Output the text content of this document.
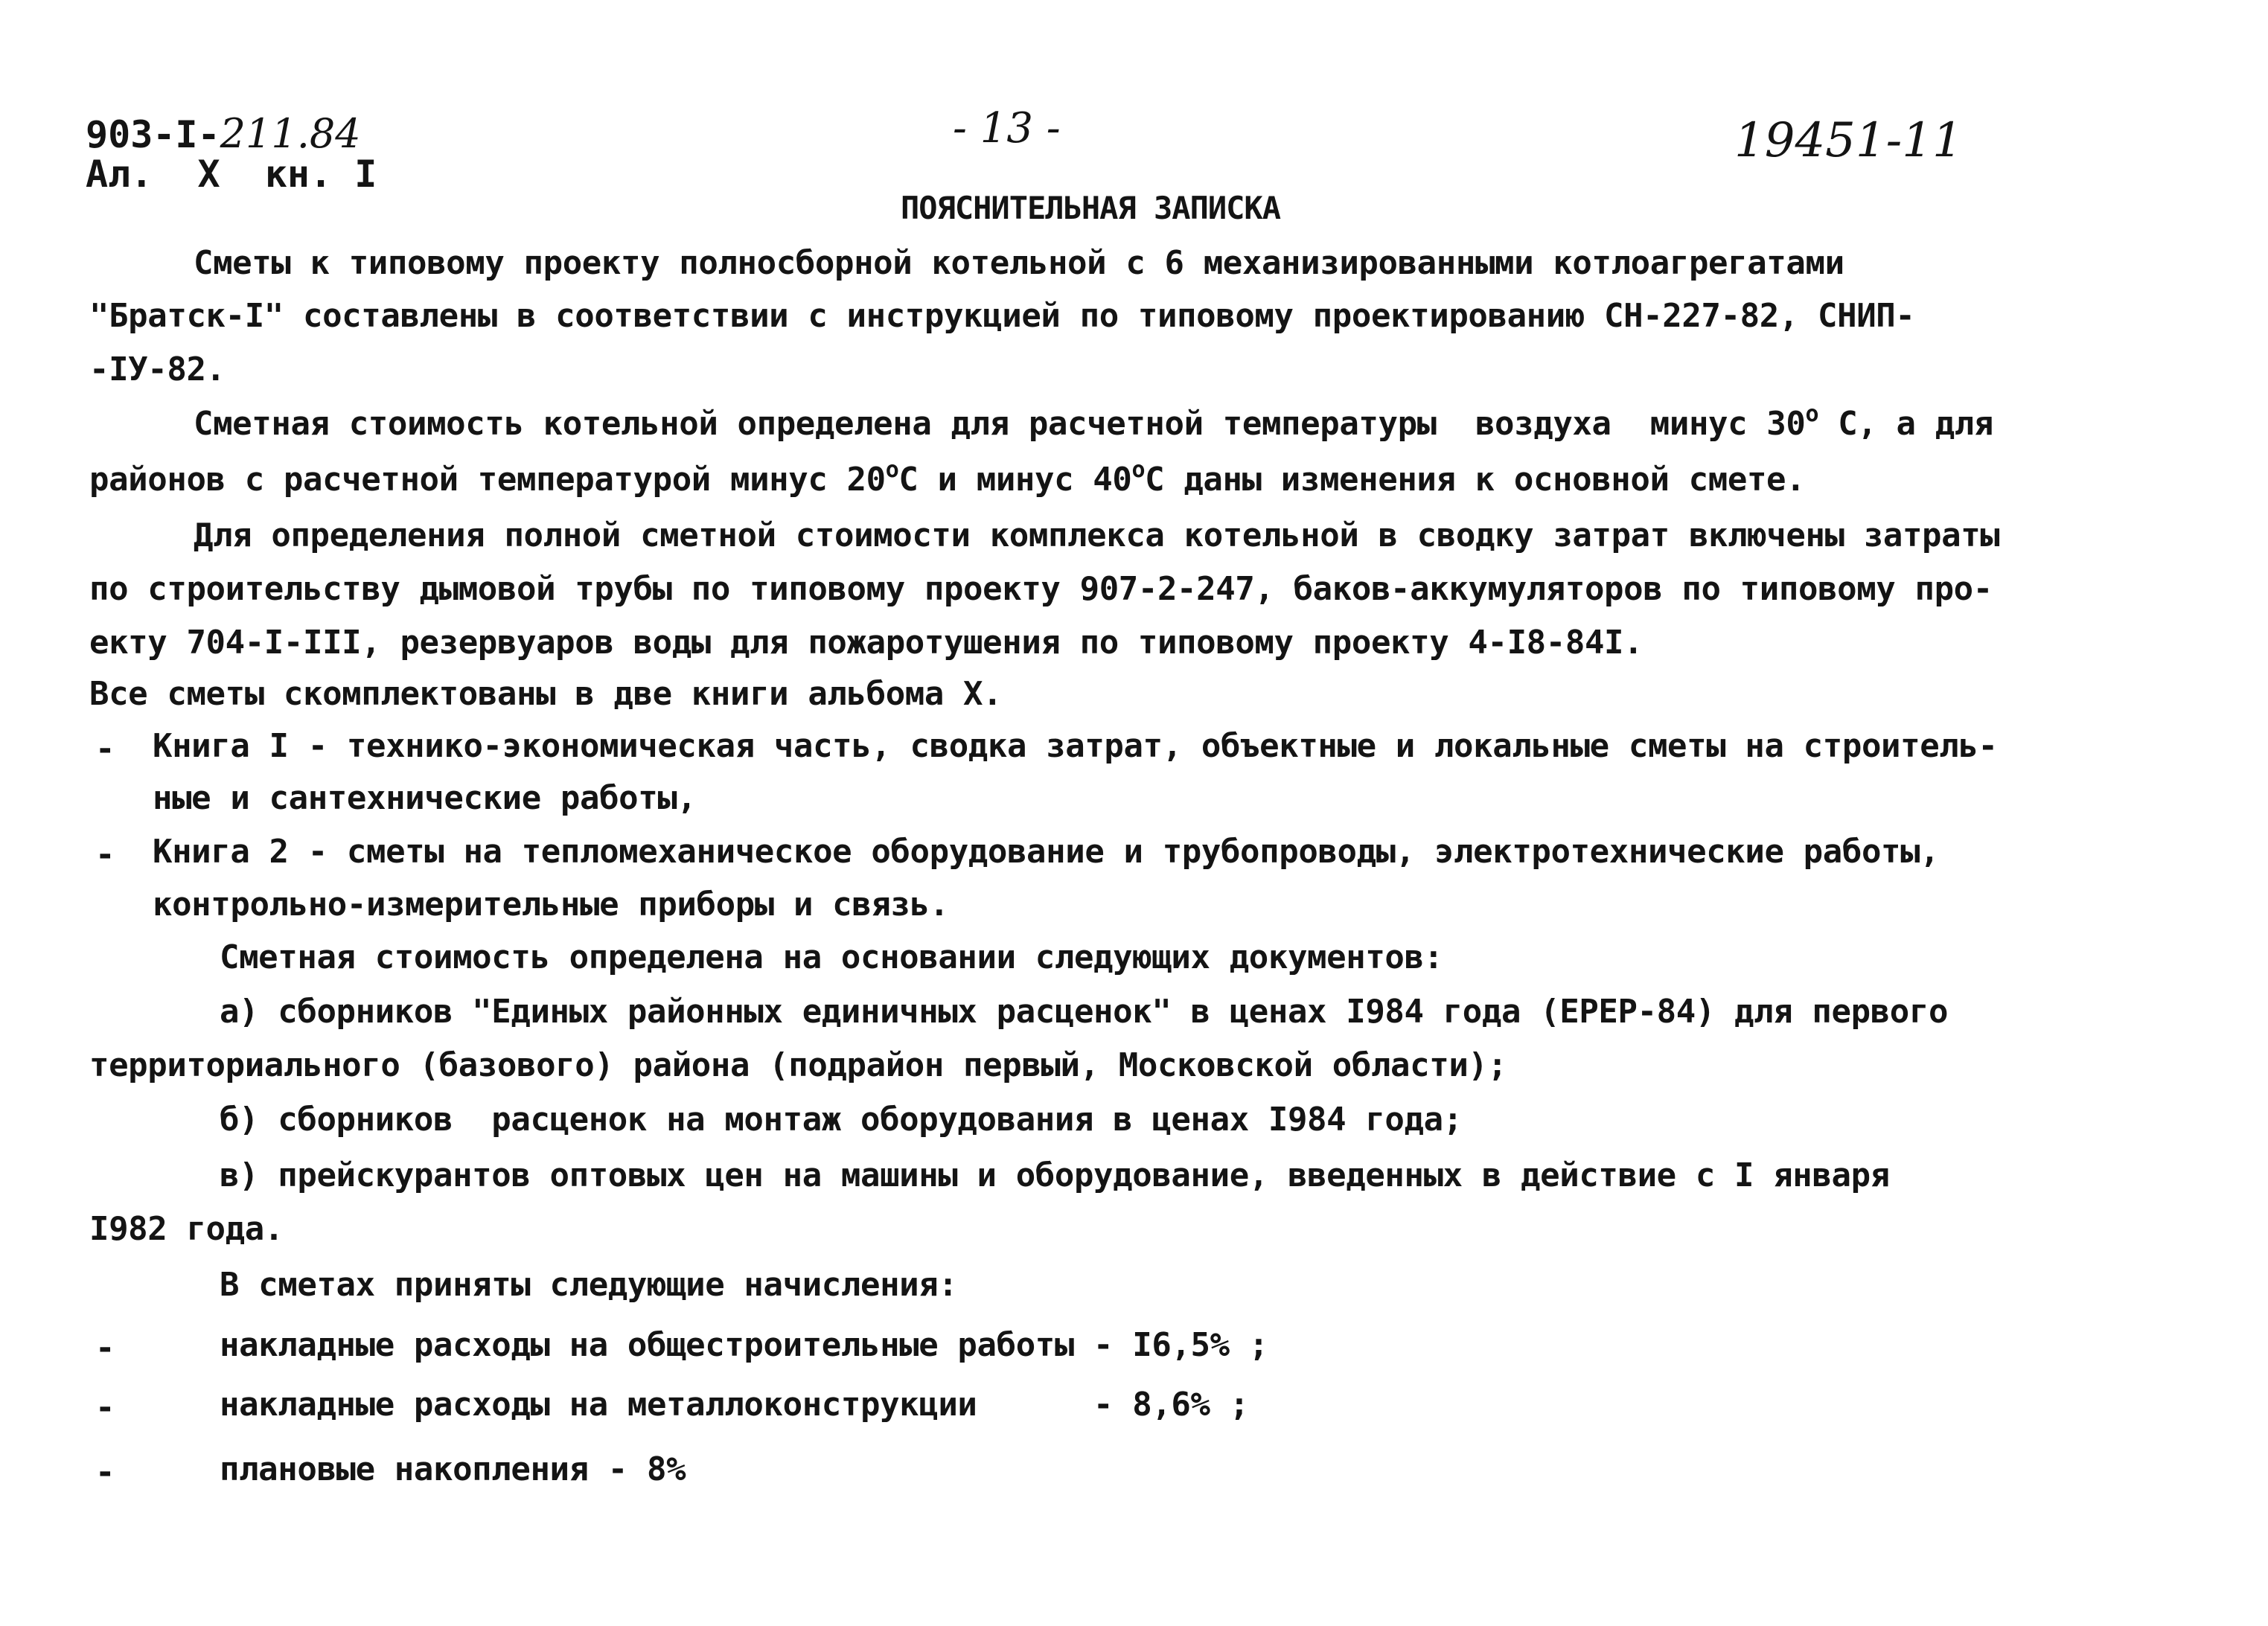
903-I-211.84
Ал.  X  кн. I
- 13 -	19451-11
ПОЯСНИТЕЛЬНАЯ ЗАПИСКА
Сметы к типовому проекту полносборной котельной с 6 механизированными котлоагрегатами
"Братск-I" составлены в соответствии с инструкцией по типовому проектированию СН-227-82, СНИП-
-IУ-82.
Сметная стоимость котельной определена для расчетной температуры  воздуха  минус $30^о$ С, а для
районов с расчетной температурой минус $20^оС$ и минус $40^оС$ даны изменения к основной смете.
Для определения полной сметной стоимости комплекса котельной в сводку затрат включены затраты
по строительству дымовой трубы по типовому проекту 907-2-247, баков-аккумуляторов по типовому про-
екту 704-I-III, резервуаров воды для пожаротушения по типовому проекту 4-I8-84I.
Все сметы скомплектованы в две книги альбома X.
Книга I - технико-экономическая часть, сводка затрат, объектные и локальные сметы на строитель-
ные и сантехнические работы,
Книга 2 - сметы на тепломеханическое оборудование и трубопроводы, электротехнические работы,
контрольно-измерительные приборы и связь.
Сметная стоимость определена на основании следующих документов:
а) сборников "Единых районных единичных расценок" в ценах I984 года (ЕРЕР-84) для первого
территориального (базового) района (подрайон первый, Московской области);
б) сборников  расценок на монтаж оборудования в ценах I984 года;
в) прейскурантов оптовых цен на машины и оборудование, введенных в действие с I января
I982 года.
В сметах приняты следующие начисления:
накладные расходы на общестроительные работы - I6,5% ;
накладные расходы на металлоконструкции      - 8,6% ;
плановые накопления - 8%
-
-
-
-
-
